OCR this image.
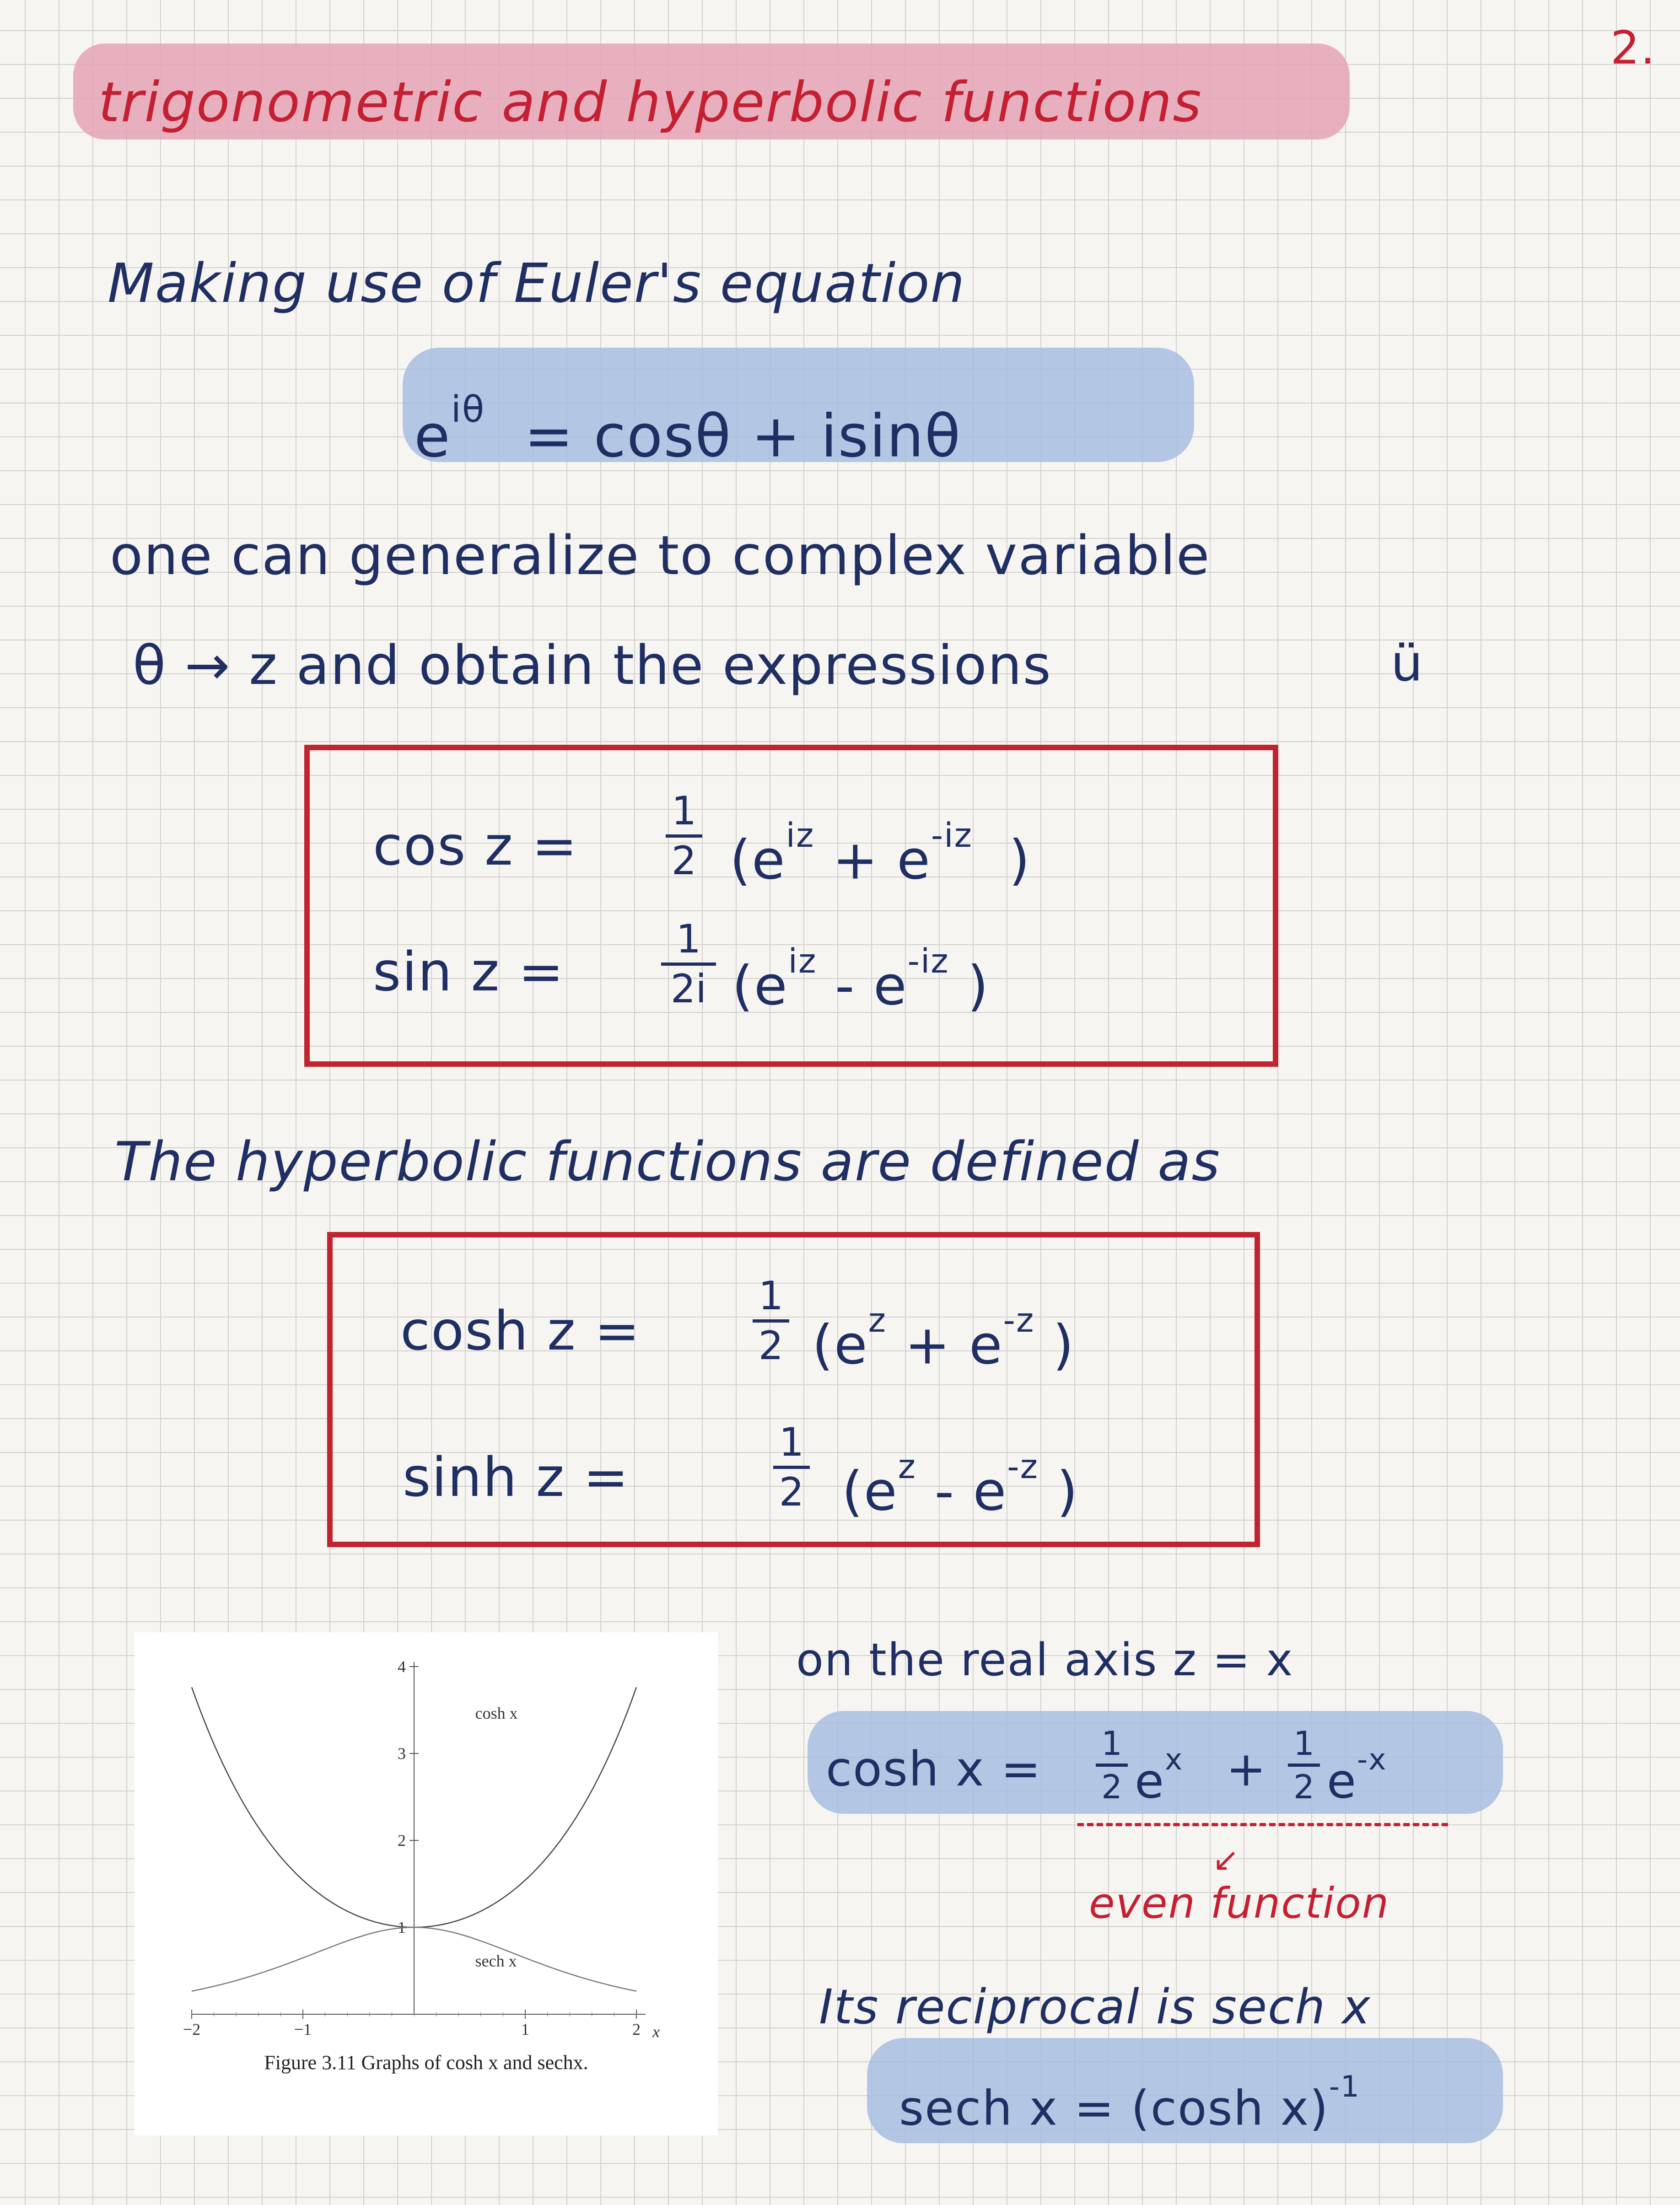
2.
trigonometric and hyperbolic functions
Making use of Euler's equation
$e^{i\theta} = \cos\theta + isin\theta$
one can generalize to complex variable
θ → z and obtain the expressions	ü
cos z =
1
2 ($e^{iz} + e^{-iz}$ )
sin z =
1
2i ($e^{iz} - e^{-iz}$ )
The hyperbolic functions are defined as
cosh z =
1
2 ($e^z + e^{-z}$ )
sinh z =
1
2 ($e^z - e^{-z}$ )
−2	−1	1	2
1
2
3
4
cosh x
sech x
x
Figure 3.11 Graphs of cosh x and sechx.
on the real axis z = x
cosh x = 1
2 $e^x + 1$
2 $e^{-x}$
↙
even function
Its reciprocal is sech x
sech x = (cosh x)$^{-1}$
